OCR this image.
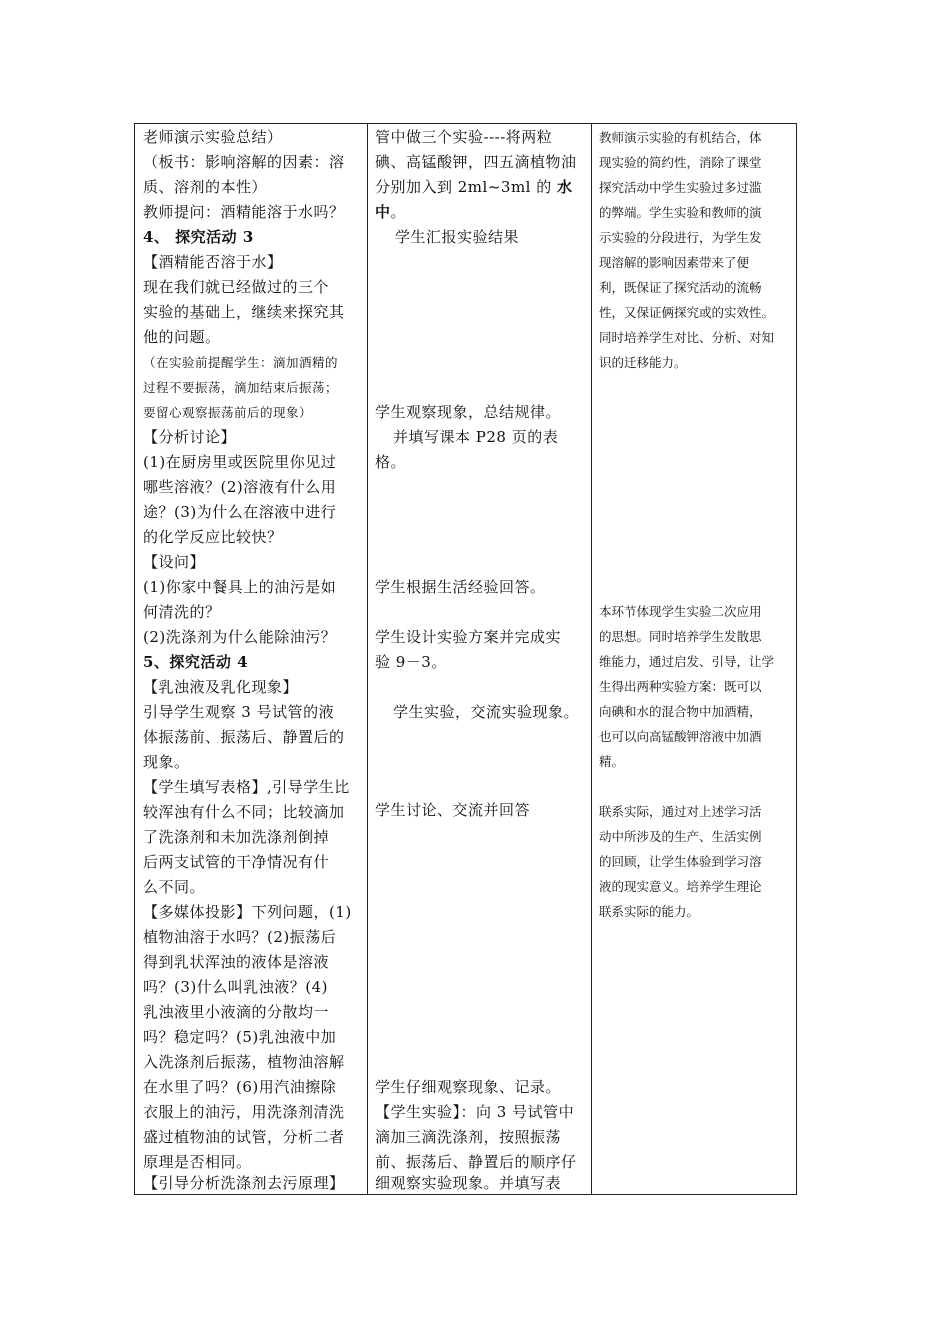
老师演示实验总结）
（板书：影响溶解的因素：溶
质、溶剂的本性）
教师提问：酒精能溶于水吗？
4、 探究活动 3
【酒精能否溶于水】
现在我们就已经做过的三个
实验的基础上，继续来探究其
他的问题。
（在实验前提醒学生：滴加酒精的
过程不要振荡，滴加结束后振荡；
要留心观察振荡前后的现象）
【分析讨论】
(1)在厨房里或医院里你见过
哪些溶液？(2)溶液有什么用
途？(3)为什么在溶液中进行
的化学反应比较快？
【设问】
(1)你家中餐具上的油污是如
何清洗的？
(2)洗涤剂为什么能除油污？
5、探究活动 4
【乳浊液及乳化现象】
引导学生观察 3 号试管的液
体振荡前、振荡后、静置后的
现象。
【学生填写表格】,引导学生比
较浑浊有什么不同；比较滴加
了洗涤剂和未加洗涤剂倒掉
后两支试管的干净情况有什
么不同。
【多媒体投影】下列问题，(1)
植物油溶于水吗？(2)振荡后
得到乳状浑浊的液体是溶液
吗？(3)什么叫乳浊液？(4)
乳浊液里小液滴的分散均一
吗？稳定吗？(5)乳浊液中加
入洗涤剂后振荡，植物油溶解
在水里了吗？(6)用汽油擦除
衣服上的油污，用洗涤剂清洗
盛过植物油的试管，分析二者
原理是否相同。
【引导分析洗涤剂去污原理】
管中做三个实验----将两粒
碘、高锰酸钾，四五滴植物油
分别加入到 2ml~3ml 的 水
中。
学生汇报实验结果
学生观察现象，总结规律。
并填写课本 P28 页的表
格。
学生根据生活经验回答。
学生设计实验方案并完成实
验 9－3。
学生实验，交流实验现象。
学生讨论、交流并回答
学生仔细观察现象、记录。
【学生实验】：向 3 号试管中
滴加三滴洗涤剂，按照振荡
前、振荡后、静置后的顺序仔
细观察实验现象。并填写表
教师演示实验的有机结合，体
现实验的简约性，消除了课堂
探究活动中学生实验过多过滥
的弊端。学生实验和教师的演
示实验的分段进行，为学生发
现溶解的影响因素带来了便
利，既保证了探究活动的流畅
性，又保证俩探究或的实效性。
同时培养学生对比、分析、对知
识的迁移能力。
本环节体现学生实验二次应用
的思想。同时培养学生发散思
维能力，通过启发、引导，让学
生得出两种实验方案：既可以
向碘和水的混合物中加酒精，
也可以向高锰酸钾溶液中加酒
精。
联系实际，通过对上述学习活
动中所涉及的生产、生活实例
的回顾，让学生体验到学习溶
液的现实意义。培养学生理论
联系实际的能力。
